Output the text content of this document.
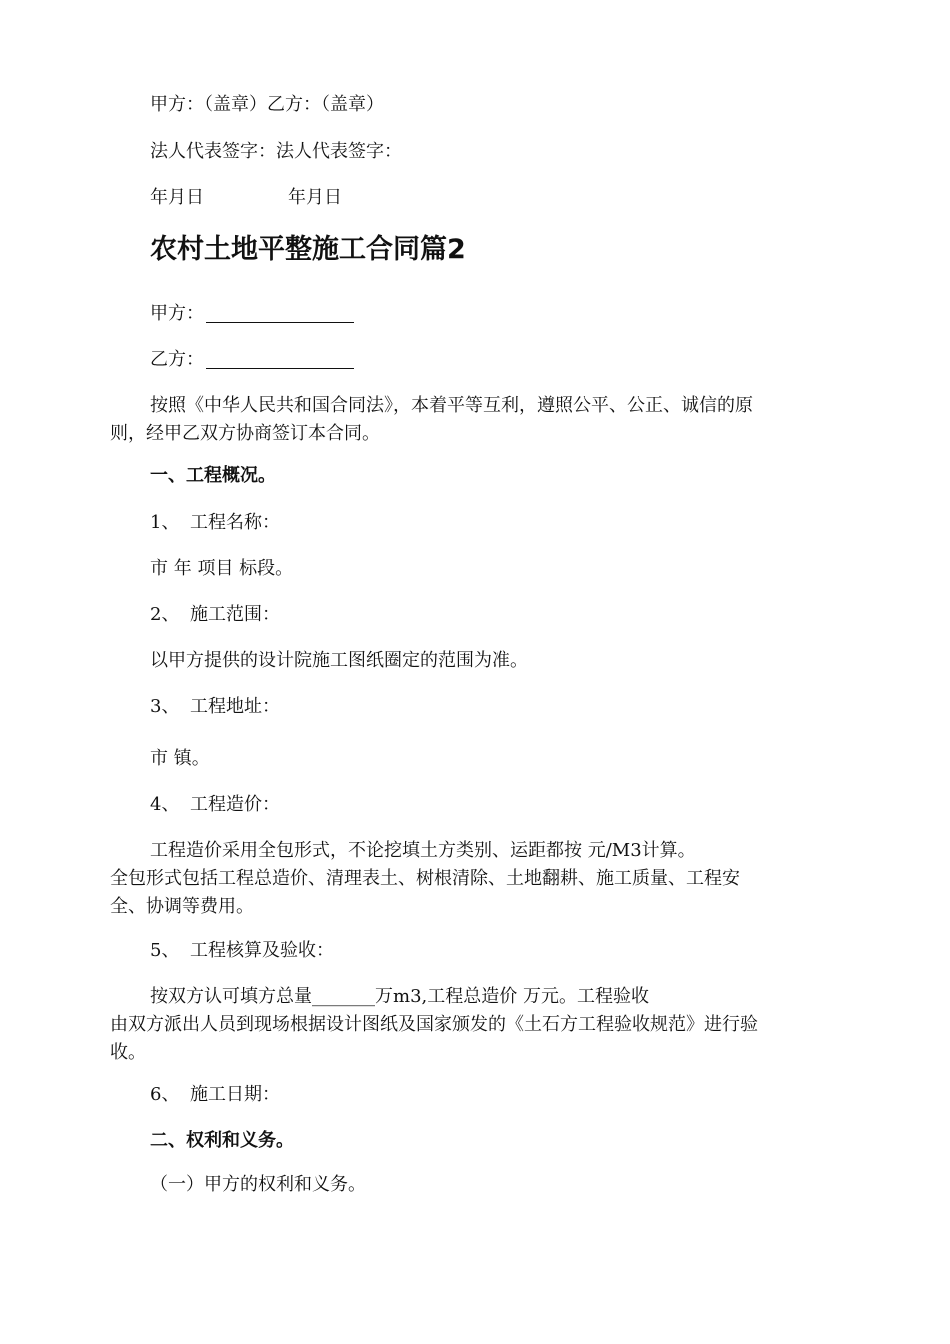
甲方：（盖章）乙方：（盖章）

法人代表签字：法人代表签字：

年月日	年月日

农村土地平整施工合同篇2

甲方：

乙方：

按照《中华人民共和国合同法》，本着平等互利，遵照公平、公正、诚信的原

则，经甲乙双方协商签订本合同。

一、工程概况。

1、 工程名称：

市 年 项目 标段。

2、 施工范围：

以甲方提供的设计院施工图纸圈定的范围为准。

3、 工程地址：

市 镇。

4、 工程造价：

工程造价采用全包形式，不论挖填土方类别、运距都按 元/M3计算。

全包形式包括工程总造价、清理表土、树根清除、土地翻耕、施工质量、工程安

全、协调等费用。

5、 工程核算及验收：

按双方认可填方总量_______万m3,工程总造价 万元。工程验收

由双方派出人员到现场根据设计图纸及国家颁发的《土石方工程验收规范》进行验

收。

6、 施工日期：

二、权利和义务。

（一）甲方的权利和义务。
